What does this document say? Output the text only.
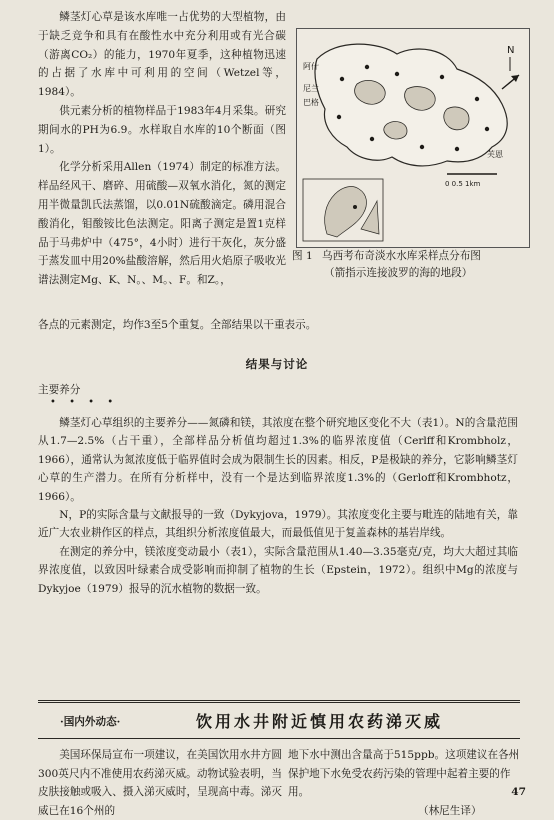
鳞茎灯心草是该水库唯一占优势的大型植物，由于缺乏竞争和具有在酸性水中充分利用或有光合碳（游离CO₂）的能力，1970年夏季，这种植物迅速的占据了水库中可利用的空间（Wetzel等，1984）。

供元素分析的植物样品于1983年4月采集。研究期间水的PH为6.9。水样取自水库的10个断面（图1）。

化学分析采用Allen（1974）制定的标准方法。样品经风干、磨碎、用硫酸—双氧水消化，氮的测定用半微量凯氏法蒸馏，以0.01N硫酸滴定。磷用混合酸消化，钼酸铵比色法测定。阳离子测定是置1克样品于马弗炉中（475°，4小时）进行干灰化，灰分盛于蒸发皿中用20%盐酸溶解，然后用火焰原子吸收光谱法测定Mg、K、N。、M。、F。和Z。，

N
阿什
尼兰
巴格
芙恩
0 0.5 1km
图 1 乌西考布奇淡水水库采样点分布图
（箭指示连接波罗的海的地段）

各点的元素测定，均作3至5个重复。全部结果以干重表示。

结果与讨论
主要养分
• • • •

鳞茎灯心草组织的主要养分——氮磷和镁，其浓度在整个研究地区变化不大（表1）。N的含量范围从1.7—2.5%（占干重），全部样品分析值均超过1.3%的临界浓度值（Cerlff和Krombholz，1966），通常认为氮浓度低于临界值时会成为限制生长的因素。相反，P是极缺的养分，它影响鳞茎灯心草的生产潜力。在所有分析样中，没有一个是达到临界浓度1.3%的（Gerloff和Krombhotz，1966）。

N，P的实际含量与文献报导的一致（Dykyjova，1979）。其浓度变化主要与毗连的陆地有关，靠近广大农业耕作区的样点，其组织分析浓度值最大，而最低值见于复盖森林的基岩岸线。

在测定的养分中，镁浓度变动最小（表1），实际含量范围从1.40—3.35毫克/克，均大大超过其临界浓度值，以致因叶绿素合成受影响而抑制了植物的生长（Epstein，1972）。组织中Mg的浓度与Dykyjoe（1979）报导的沉水植物的数据一致。

·国内外动态·	饮用水井附近慎用农药涕灭威

美国环保局宣布一项建议，在美国饮用水井方圆300英尺内不准使用农药涕灭威。动物试验表明，当皮肤接触或吸入、摄入涕灭威时，呈现高中毒。涕灭威已在16个州的

地下水中测出含量高于515ppb。这项建议在各州保护地下水免受农药污染的管理中起着主要的作用。

（林尼生译）

47
